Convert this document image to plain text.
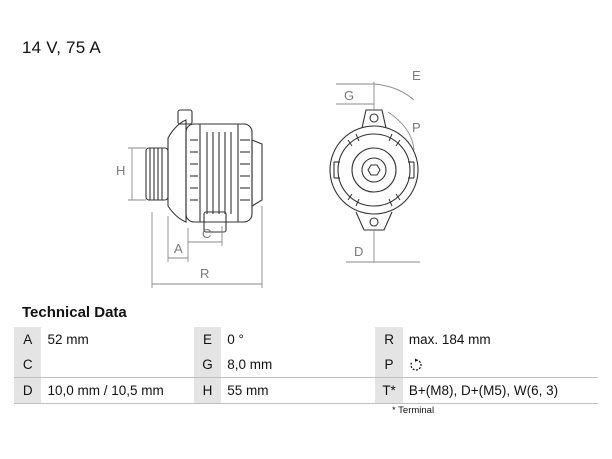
14 V, 75 A
H
A
C
R
E
G
P
D
Technical Data
A	52 mm	E	0 °	R	max. 184 mm
C		G	8,0 mm	P	
D	10,0 mm / 10,5 mm	H	55 mm	T*	B+(M8), D+(M5), W(6, 3)
* Terminal
